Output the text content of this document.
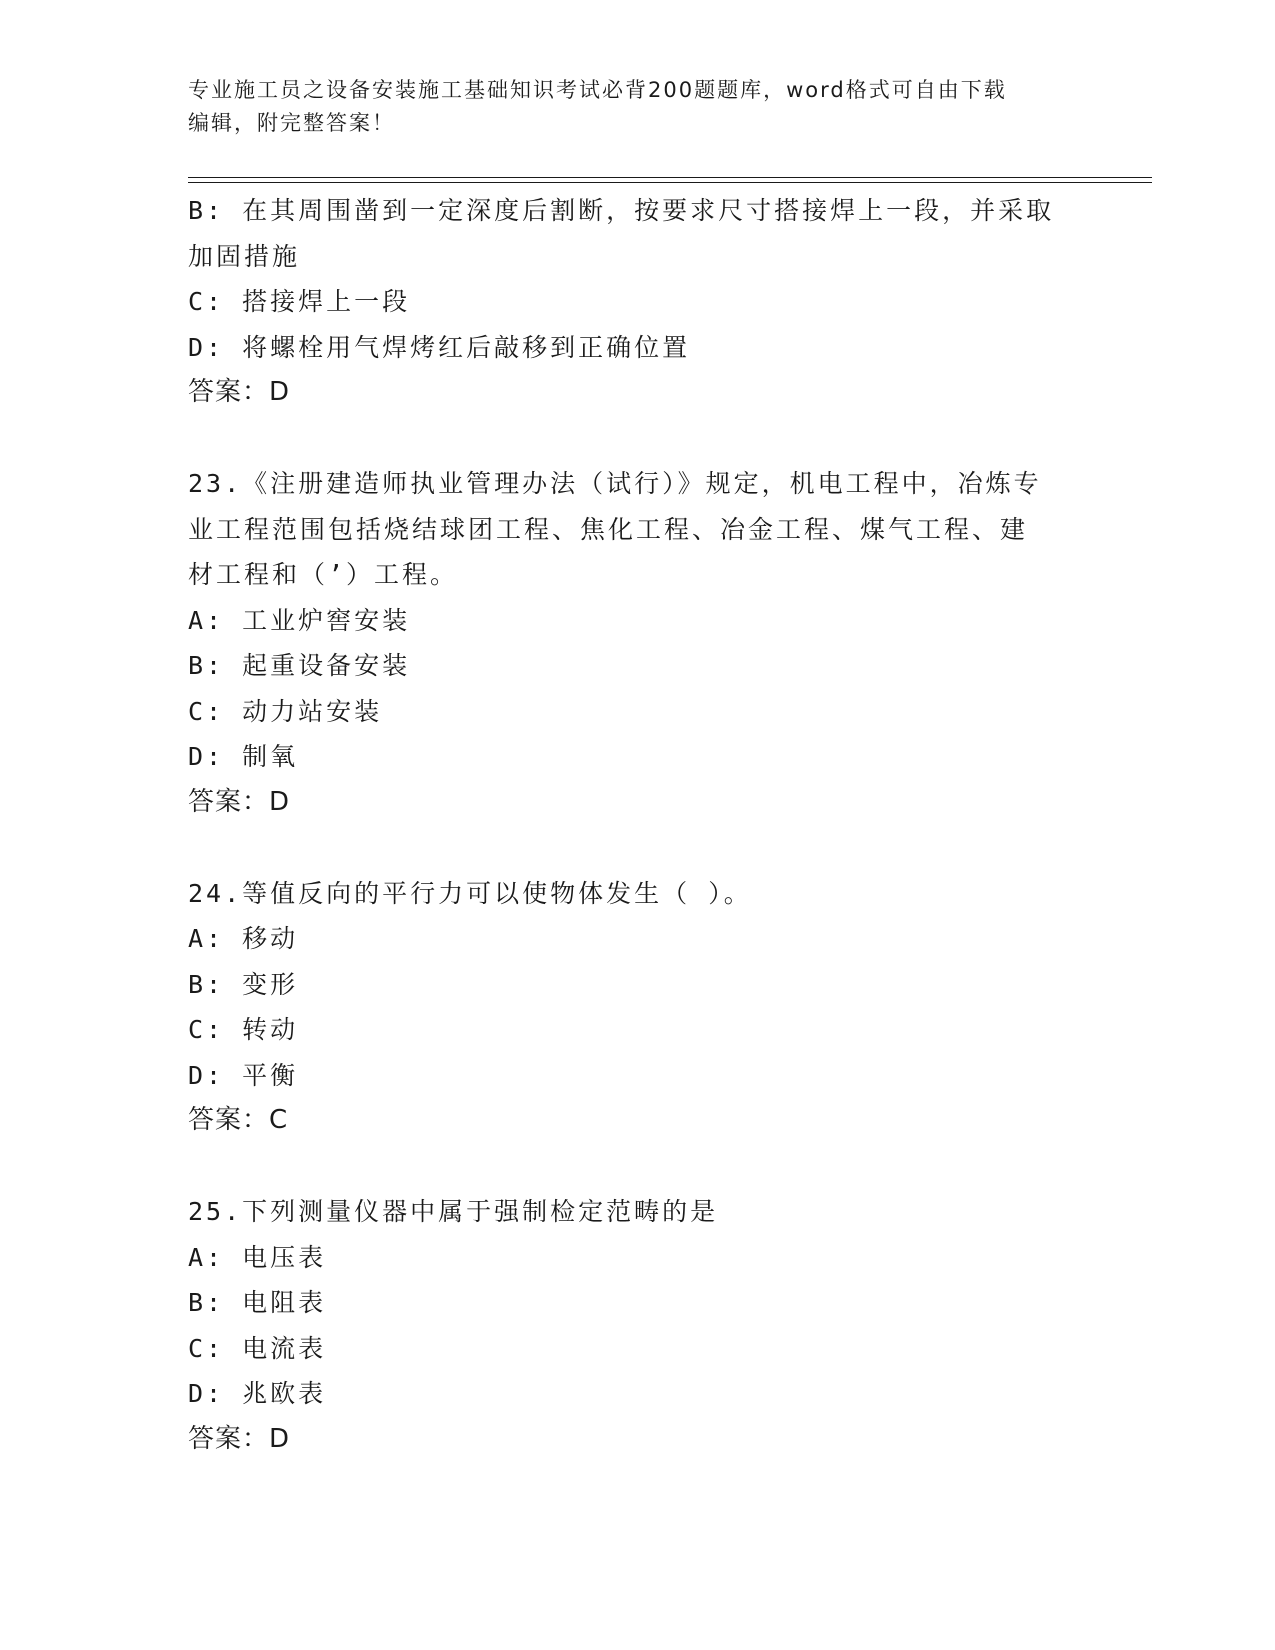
专业施工员之设备安装施工基础知识考试必背200题题库，word格式可自由下载
编辑，附完整答案！
B: 在其周围凿到一定深度后割断，按要求尺寸搭接焊上一段，并采取
加固措施
C: 搭接焊上一段
D: 将螺栓用气焊烤红后敲移到正确位置
答案：D
23.《注册建造师执业管理办法（试行）》规定，机电工程中，冶炼专
业工程范围包括烧结球团工程、焦化工程、冶金工程、煤气工程、建
材工程和（’）工程。
A: 工业炉窖安装
B: 起重设备安装
C: 动力站安装
D: 制氧
答案：D
24.等值反向的平行力可以使物体发生（ ）。
A: 移动
B: 变形
C: 转动
D: 平衡
答案：C
25.下列测量仪器中属于强制检定范畴的是
A: 电压表
B: 电阻表
C: 电流表
D: 兆欧表
答案：D
